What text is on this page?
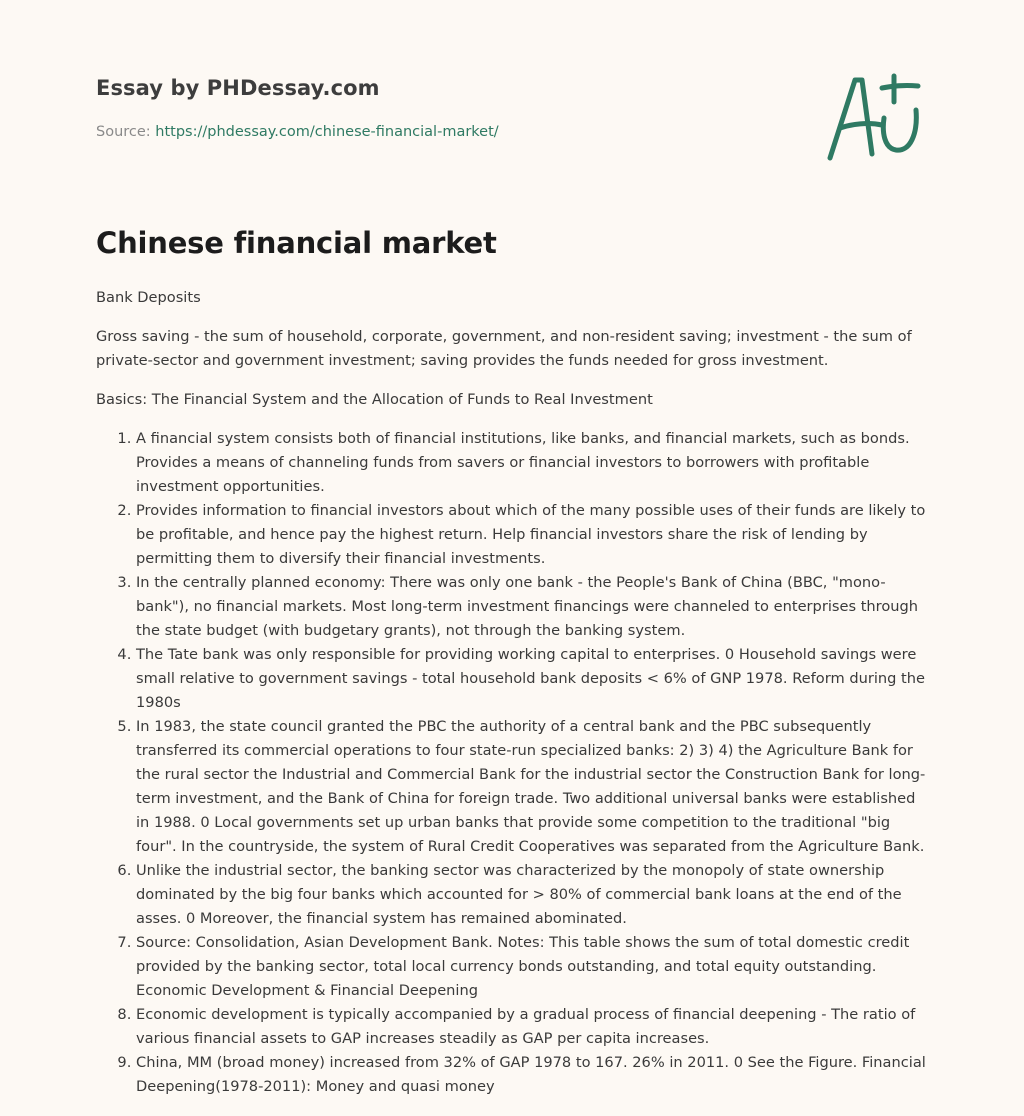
Essay by PHDessay.com

Source: https://phdessay.com/chinese-financial-market/

Chinese financial market

Bank Deposits

Gross saving - the sum of household, corporate, government, and non-resident saving; investment - the sum of private-sector and government investment; saving provides the funds needed for gross investment.

Basics: The Financial System and the Allocation of Funds to Real Investment

1. A financial system consists both of financial institutions, like banks, and financial markets, such as bonds. Provides a means of channeling funds from savers or financial investors to borrowers with profitable investment opportunities.
2. Provides information to financial investors about which of the many possible uses of their funds are likely to be profitable, and hence pay the highest return. Help financial investors share the risk of lending by permitting them to diversify their financial investments.
3. In the centrally planned economy: There was only one bank - the People's Bank of China (BBC, "mono-bank"), no financial markets. Most long-term investment financings were channeled to enterprises through the state budget (with budgetary grants), not through the banking system.
4. The Tate bank was only responsible for providing working capital to enterprises. 0 Household savings were small relative to government savings - total household bank deposits < 6% of GNP 1978. Reform during the 1980s
5. In 1983, the state council granted the PBC the authority of a central bank and the PBC subsequently transferred its commercial operations to four state-run specialized banks: 2) 3) 4) the Agriculture Bank for the rural sector the Industrial and Commercial Bank for the industrial sector the Construction Bank for long-term investment, and the Bank of China for foreign trade. Two additional universal banks were established in 1988. 0 Local governments set up urban banks that provide some competition to the traditional "big four". In the countryside, the system of Rural Credit Cooperatives was separated from the Agriculture Bank.
6. Unlike the industrial sector, the banking sector was characterized by the monopoly of state ownership dominated by the big four banks which accounted for > 80% of commercial bank loans at the end of the asses. 0 Moreover, the financial system has remained abominated.
7. Source: Consolidation, Asian Development Bank. Notes: This table shows the sum of total domestic credit provided by the banking sector, total local currency bonds outstanding, and total equity outstanding. Economic Development & Financial Deepening
8. Economic development is typically accompanied by a gradual process of financial deepening - The ratio of various financial assets to GAP increases steadily as GAP per capita increases.
9. China, MM (broad money) increased from 32% of GAP 1978 to 167. 26% in 2011. 0 See the Figure. Financial Deepening(1978-2011): Money and quasi money
